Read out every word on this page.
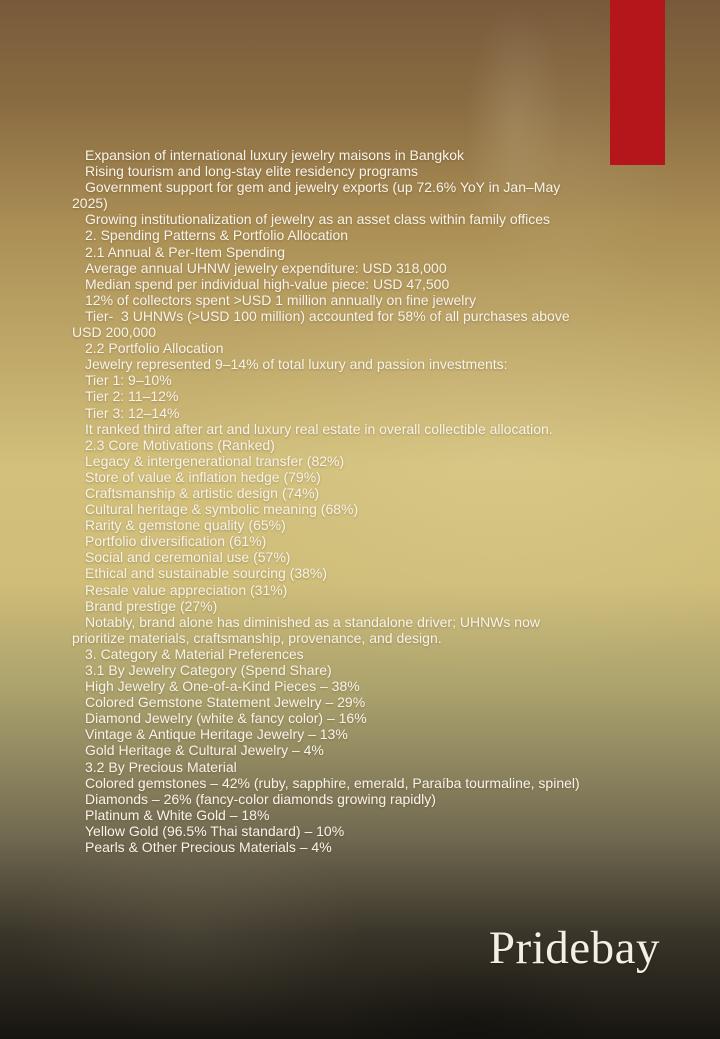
Expansion of international luxury jewelry maisons in Bangkok
Rising tourism and long-stay elite residency programs
Government support for gem and jewelry exports (up 72.6% YoY in Jan–May
2025)
Growing institutionalization of jewelry as an asset class within family offices
2. Spending Patterns & Portfolio Allocation
2.1 Annual & Per-Item Spending
Average annual UHNW jewelry expenditure: USD 318,000
Median spend per individual high-value piece: USD 47,500
12% of collectors spent >USD 1 million annually on fine jewelry
Tier-  3 UHNWs (>USD 100 million) accounted for 58% of all purchases above
USD 200,000
2.2 Portfolio Allocation
Jewelry represented 9–14% of total luxury and passion investments:
Tier 1: 9–10%
Tier 2: 11–12%
Tier 3: 12–14%
It ranked third after art and luxury real estate in overall collectible allocation.
2.3 Core Motivations (Ranked)
Legacy & intergenerational transfer (82%)
Store of value & inflation hedge (79%)
Craftsmanship & artistic design (74%)
Cultural heritage & symbolic meaning (68%)
Rarity & gemstone quality (65%)
Portfolio diversification (61%)
Social and ceremonial use (57%)
Ethical and sustainable sourcing (38%)
Resale value appreciation (31%)
Brand prestige (27%)
Notably, brand alone has diminished as a standalone driver; UHNWs now
prioritize materials, craftsmanship, provenance, and design.
3. Category & Material Preferences
3.1 By Jewelry Category (Spend Share)
High Jewelry & One-of-a-Kind Pieces – 38%
Colored Gemstone Statement Jewelry – 29%
Diamond Jewelry (white & fancy color) – 16%
Vintage & Antique Heritage Jewelry – 13%
Gold Heritage & Cultural Jewelry – 4%
3.2 By Precious Material
Colored gemstones – 42% (ruby, sapphire, emerald, Paraíba tourmaline, spinel)
Diamonds – 26% (fancy-color diamonds growing rapidly)
Platinum & White Gold – 18%
Yellow Gold (96.5% Thai standard) – 10%
Pearls & Other Precious Materials – 4%
Pridebay
